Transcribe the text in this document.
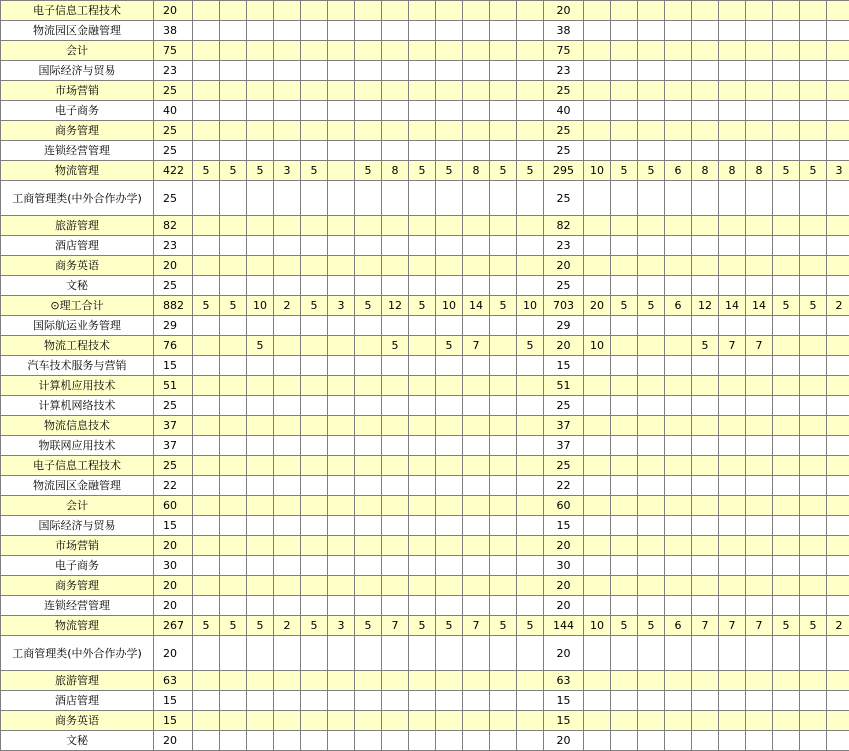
电子信息工程技术	20														20										
物流园区金融管理	38														38										
会计	75														75										
国际经济与贸易	23														23										
市场营销	25														25										
电子商务	40														40										
商务管理	25														25										
连锁经营管理	25														25										
物流管理	422	5	5	5	3	5		5	8	5	5	8	5	5	295	10	5	5	6	8	8	8	5	5	3
工商管理类(中外合作办学)	25														25										
旅游管理	82														82										
酒店管理	23														23										
商务英语	20														20										
文秘	25														25										
⊙理工合计	882	5	5	10	2	5	3	5	12	5	10	14	5	10	703	20	5	5	6	12	14	14	5	5	2
国际航运业务管理	29														29										
物流工程技术	76			5					5		5	7		5	20	10				5	7	7			
汽车技术服务与营销	15														15										
计算机应用技术	51														51										
计算机网络技术	25														25										
物流信息技术	37														37										
物联网应用技术	37														37										
电子信息工程技术	25														25										
物流园区金融管理	22														22										
会计	60														60										
国际经济与贸易	15														15										
市场营销	20														20										
电子商务	30														30										
商务管理	20														20										
连锁经营管理	20														20										
物流管理	267	5	5	5	2	5	3	5	7	5	5	7	5	5	144	10	5	5	6	7	7	7	5	5	2
工商管理类(中外合作办学)	20														20										
旅游管理	63														63										
酒店管理	15														15										
商务英语	15														15										
文秘	20														20										
